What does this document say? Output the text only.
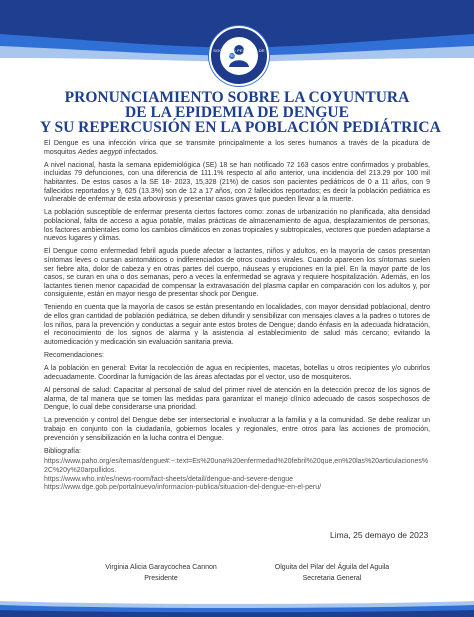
SOCIEDAD PERUANA DE PEDIATRÍA
PRONUNCIAMIENTO SOBRE LA COYUNTURA
DE LA EPIDEMIA DE DENGUE
Y SU REPERCUSIÓN EN LA POBLACIÓN PEDIÁTRICA

El Dengue es una infección vírica que se transmite principalmente a los seres humanos a través de la picadura de mosquitos Aedes aegypti infectados.

A nivel nacional, hasta la semana epidemiológica (SE) 18 se han notificado 72 163 casos entre confirmados y probables, incluidas 79 defunciones, con una diferencia de 111.1% respecto al año anterior, una incidencia del 213.29 por 100 mil habitantes. De estos casos a la SE 18- 2023, 15,328 (21%) de casos son pacientes pediátricos de 0 a 11 años, con 9 fallecidos reportados y 9, 625 (13.3%) son de 12 a 17 años, con 2 fallecidos reportados; es decir la población pediátrica es vulnerable de enfermar de esta arbovirosis y presentar casos graves que pueden llevar a la muerte.

La población susceptible de enfermar presenta ciertos factores como: zonas de urbanización no planificada, alta densidad poblacional, falta de acceso a agua potable, malas prácticas de almacenamiento de agua, desplazamientos de personas, los factores ambientales como los cambios climáticos en zonas tropicales y subtropicales, vectores que pueden adaptarse a nuevos lugares y climas.

El Dengue como enfermedad febril aguda puede afectar a lactantes, niños y adultos, en la mayoría de casos presentan síntomas leves o cursan asintomáticos o indiferenciados de otros cuadros virales. Cuando aparecen los síntomas suelen ser fiebre alta, dolor de cabeza y en otras partes del cuerpo, náuseas y erupciones en la piel. En la mayor parte de los casos, se curan en una o dos semanas, pero a veces la enfermedad se agrava y requiere hospitalización. Además, en los lactantes tienen menor capacidad de compensar la extravasación del plasma capilar en comparación con los adultos y, por consiguiente, están en mayor riesgo de presentar shock por Dengue.

Teniendo en cuenta que la mayoría de casos se están presentando en localidades, con mayor densidad poblacional, dentro de ellos gran cantidad de población pediátrica, se deben difundir y sensibilizar con mensajes claves a la padres o tutores de los niños, para la prevención y conductas a seguir ante estos brotes de Dengue; dando énfasis en la adecuada hidratación, el reconocimiento de los signos de alarma y la asistencia al establecimiento de salud más cercano; evitando la automedicación y medicación sin evaluación sanitaria previa.

Recomendaciones:

A la población en general: Evitar la recolección de agua en recipientes, macetas, botellas u otros recipientes y/o cubrirlos adecuadamente. Coordinar la fumigación de las áreas afectadas por el vector, uso de mosquiteros.

Al personal de salud: Capacitar al personal de salud del primer nivel de atención en la detección precoz de los signos de alarma, de tal manera que se tomen las medidas para garantizar el manejo clínico adecuado de casos sospechosos de Dengue, lo cual debe considerarse una prioridad.

La prevención y control del Dengue debe ser intersectorial e involucrar a la familia y a la comunidad. Se debe realizar un trabajo en conjunto con la ciudadanía, gobiernos locales y regionales, entre otros para las acciones de promoción, prevención y sensibilización en la lucha contra el Dengue.

Bibliografía:

https://www.paho.org/es/temas/dengue#:~:text=Es%20una%20enfermedad%20febril%20que,en%20las%20articulaciones%2C%20y%20arpullidos.
https://www.who.int/es/news-room/fact-sheets/detail/dengue-and-severe-dengue
https://www.dge.gob.pe/portalnuevo/informacion-publica/situacion-del-dengue-en-el-peru/
Lima, 25 demayo de 2023
Virginia Alicia Garaycochea Cannon
Presidente
Olguita del Pilar del Águila del Aguila
Secretaria General
